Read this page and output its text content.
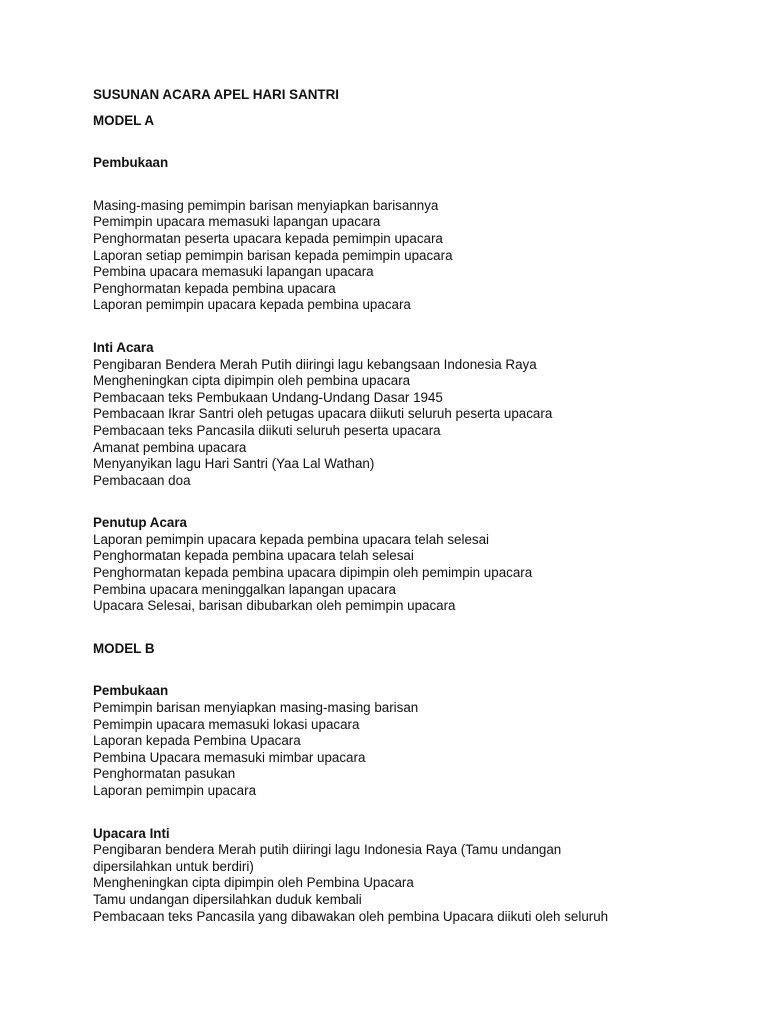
SUSUNAN ACARA APEL HARI SANTRI
MODEL A
Pembukaan
Masing-masing pemimpin barisan menyiapkan barisannya
Pemimpin upacara memasuki lapangan upacara
Penghormatan peserta upacara kepada pemimpin upacara
Laporan setiap pemimpin barisan kepada pemimpin upacara
Pembina upacara memasuki lapangan upacara
Penghormatan kepada pembina upacara
Laporan pemimpin upacara kepada pembina upacara
Inti Acara
Pengibaran Bendera Merah Putih diiringi lagu kebangsaan Indonesia Raya
Mengheningkan cipta dipimpin oleh pembina upacara
Pembacaan teks Pembukaan Undang-Undang Dasar 1945
Pembacaan Ikrar Santri oleh petugas upacara diikuti seluruh peserta upacara
Pembacaan teks Pancasila diikuti seluruh peserta upacara
Amanat pembina upacara
Menyanyikan lagu Hari Santri (Yaa Lal Wathan)
Pembacaan doa
Penutup Acara
Laporan pemimpin upacara kepada pembina upacara telah selesai
Penghormatan kepada pembina upacara telah selesai
Penghormatan kepada pembina upacara dipimpin oleh pemimpin upacara
Pembina upacara meninggalkan lapangan upacara
Upacara Selesai, barisan dibubarkan oleh pemimpin upacara
MODEL B
Pembukaan
Pemimpin barisan menyiapkan masing-masing barisan
Pemimpin upacara memasuki lokasi upacara
Laporan kepada Pembina Upacara
Pembina Upacara memasuki mimbar upacara
Penghormatan pasukan
Laporan pemimpin upacara
Upacara Inti
Pengibaran bendera Merah putih diiringi lagu Indonesia Raya (Tamu undangan dipersilahkan untuk berdiri)
Mengheningkan cipta dipimpin oleh Pembina Upacara
Tamu undangan dipersilahkan duduk kembali
Pembacaan teks Pancasila yang dibawakan oleh pembina Upacara diikuti oleh seluruh
